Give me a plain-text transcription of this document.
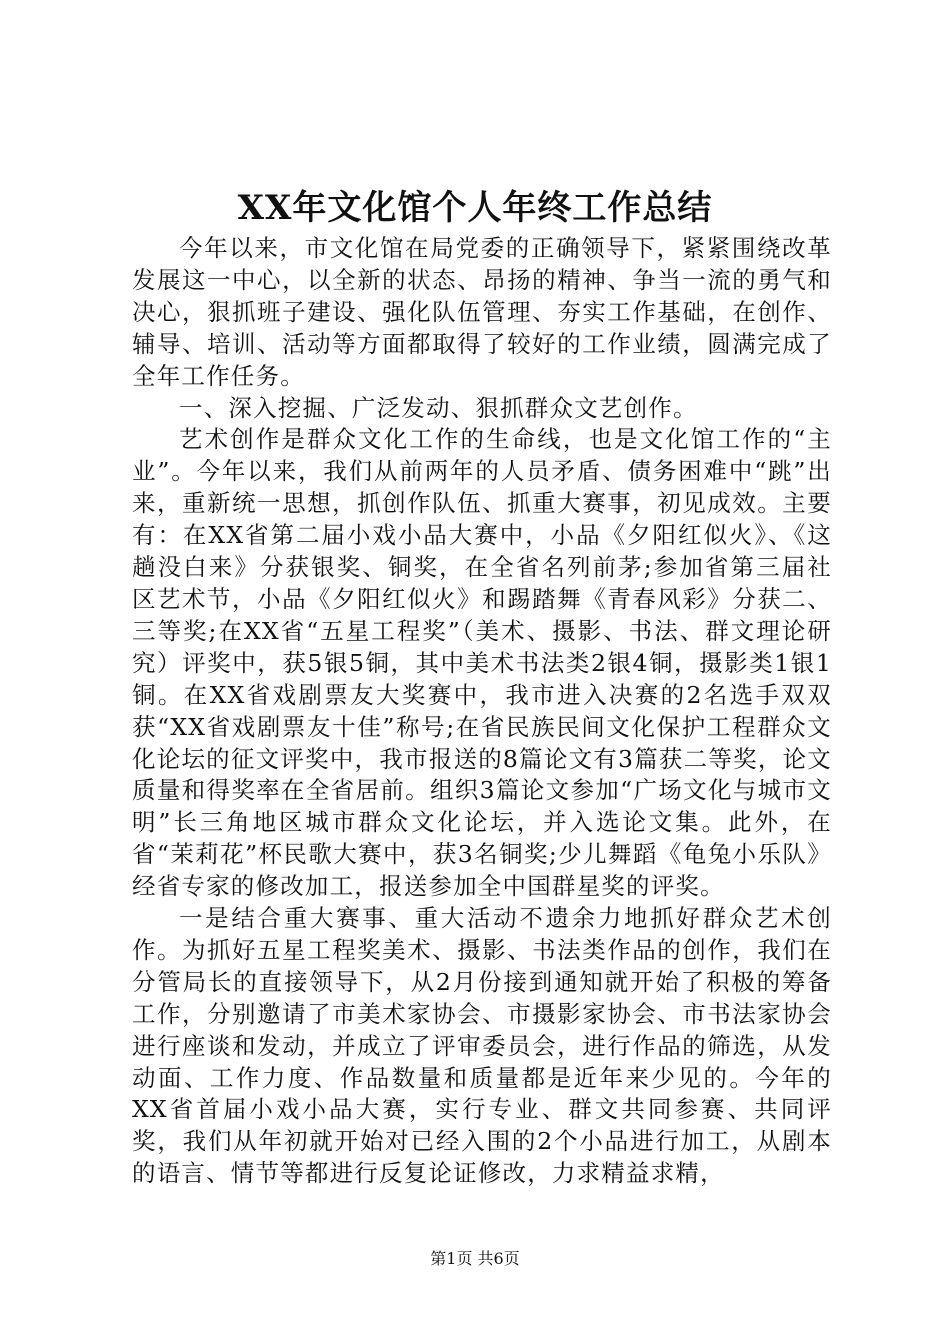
XX年文化馆个人年终工作总结

今年以来，市文化馆在局党委的正确领导下，紧紧围绕改革发展这一中心，以全新的状态、昂扬的精神、争当一流的勇气和决心，狠抓班子建设、强化队伍管理、夯实工作基础，在创作、辅导、培训、活动等方面都取得了较好的工作业绩，圆满完成了全年工作任务。

一、深入挖掘、广泛发动、狠抓群众文艺创作。

艺术创作是群众文化工作的生命线，也是文化馆工作的“主业”。今年以来，我们从前两年的人员矛盾、债务困难中“跳”出来，重新统一思想，抓创作队伍、抓重大赛事，初见成效。主要有：在XX省第二届小戏小品大赛中，小品《夕阳红似火》、《这趟没白来》分获银奖、铜奖，在全省名列前茅;参加省第三届社区艺术节，小品《夕阳红似火》和踢踏舞《青春风彩》分获二、三等奖;在XX省“五星工程奖”（美术、摄影、书法、群文理论研究）评奖中，获5银5铜，其中美术书法类2银4铜，摄影类1银1铜。在XX省戏剧票友大奖赛中，我市进入决赛的2名选手双双获“XX省戏剧票友十佳”称号;在省民族民间文化保护工程群众文化论坛的征文评奖中，我市报送的8篇论文有3篇获二等奖，论文质量和得奖率在全省居前。组织3篇论文参加“广场文化与城市文明”长三角地区城市群众文化论坛，并入选论文集。此外，在省“茉莉花”杯民歌大赛中，获3名铜奖;少儿舞蹈《龟兔小乐队》经省专家的修改加工，报送参加全中国群星奖的评奖。

一是结合重大赛事、重大活动不遗余力地抓好群众艺术创作。为抓好五星工程奖美术、摄影、书法类作品的创作，我们在分管局长的直接领导下，从2月份接到通知就开始了积极的筹备工作，分别邀请了市美术家协会、市摄影家协会、市书法家协会进行座谈和发动，并成立了评审委员会，进行作品的筛选，从发动面、工作力度、作品数量和质量都是近年来少见的。今年的XX省首届小戏小品大赛，实行专业、群文共同参赛、共同评奖，我们从年初就开始对已经入围的2个小品进行加工，从剧本的语言、情节等都进行反复论证修改，力求精益求精，

第1页 共6页
